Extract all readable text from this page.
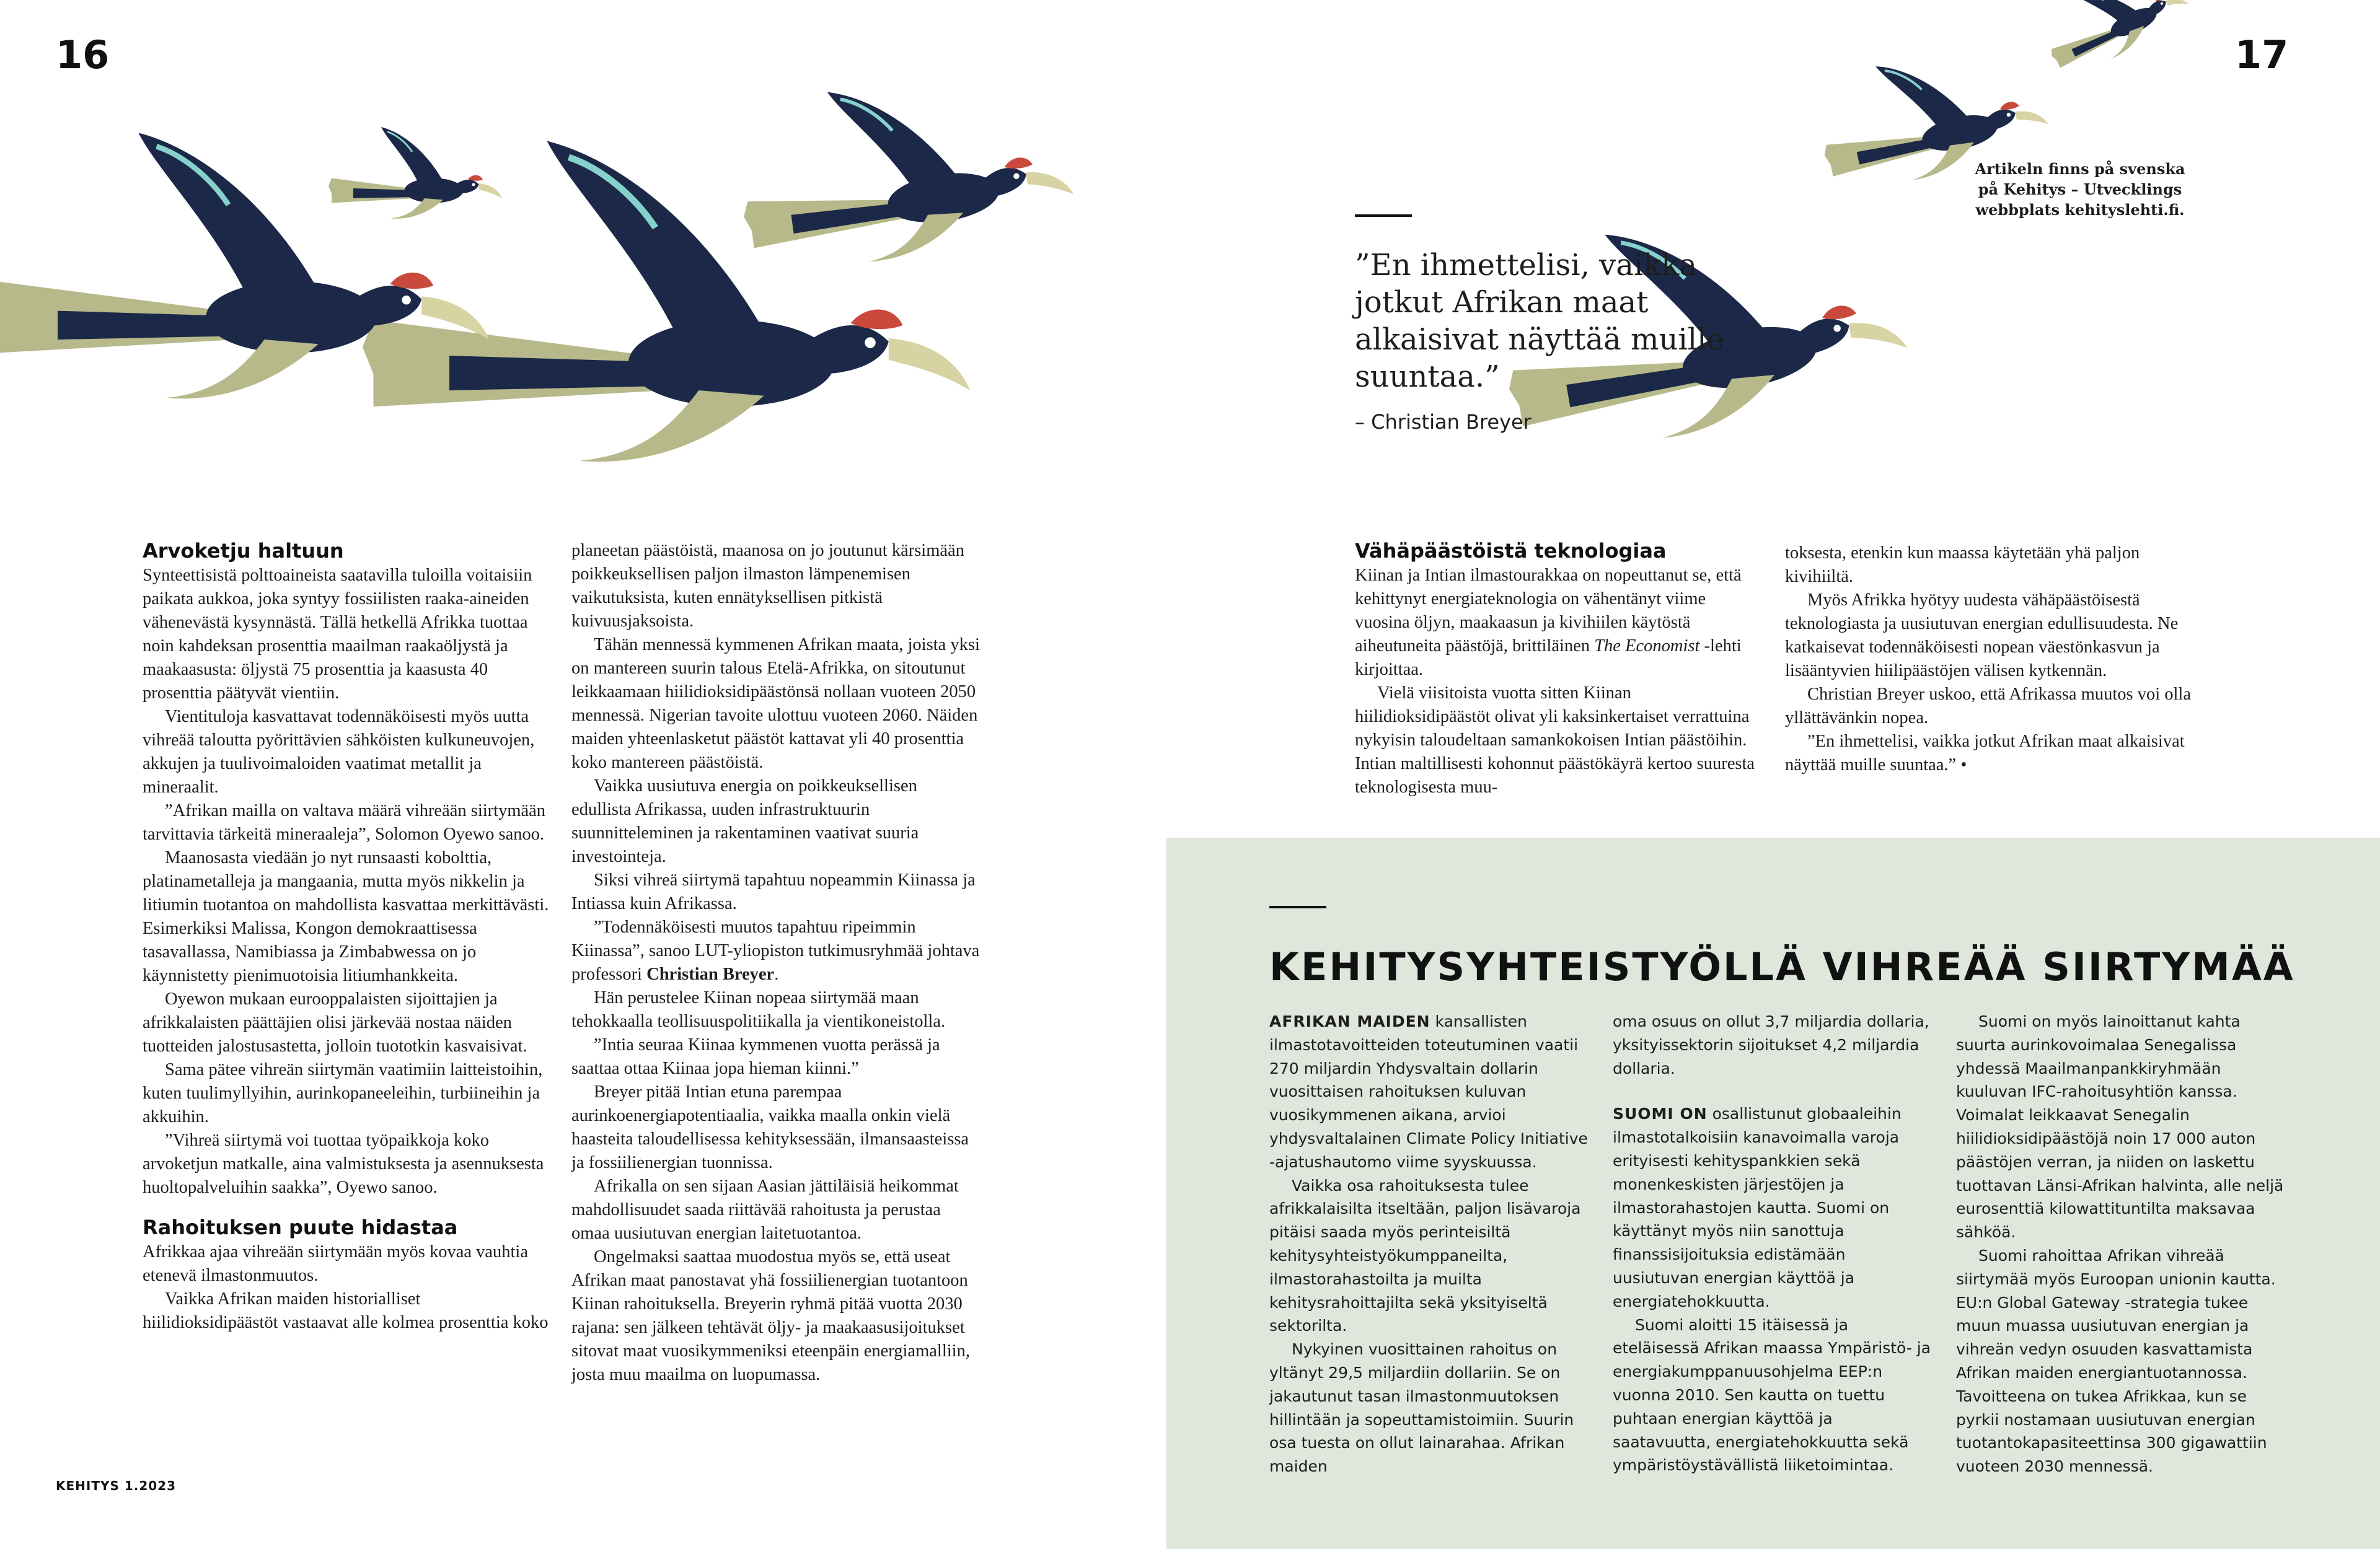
16	17
KEHITYS 1.2023
”En ihmettelisi, vaikka jotkut Afrikan maat alkaisivat näyttää muille suuntaa.”
– Christian Breyer
Artikeln finns på svenska på Kehitys – Utvecklings webbplats kehityslehti.fi.
Arvoketju haltuun

Synteettisistä polttoaineista saatavilla tuloilla voitaisiin paikata aukkoa, joka syntyy fossiilisten raaka-aineiden vähenevästä kysynnästä. Tällä hetkellä Afrikka tuottaa noin kahdeksan prosenttia maailman raakaöljystä ja maakaasusta: öljystä 75 prosenttia ja kaasusta 40 prosenttia päätyvät vientiin.

Vientituloja kasvattavat todennäköisesti myös uutta vihreää taloutta pyörittävien sähköisten kulkuneuvojen, akkujen ja tuulivoimaloiden vaatimat metallit ja mineraalit.

”Afrikan mailla on valtava määrä vihreään siirtymään tarvittavia tärkeitä mineraaleja”, Solomon Oyewo sanoo.

Maanosasta viedään jo nyt runsaasti kobolttia, platinametalleja ja mangaania, mutta myös nikkelin ja litiumin tuotantoa on mahdollista kasvattaa merkittävästi. Esimerkiksi Malissa, Kongon demokraattisessa tasavallassa, Namibiassa ja Zimbabwessa on jo käynnistetty pienimuotoisia litiumhankkeita.

Oyewon mukaan eurooppalaisten sijoittajien ja afrikkalaisten päättäjien olisi järkevää nostaa näiden tuotteiden jalostusastetta, jolloin tuototkin kasvaisivat.

Sama pätee vihreän siirtymän vaatimiin laitteistoihin, kuten tuulimyllyihin, aurinkopaneeleihin, turbiineihin ja akkuihin.

”Vihreä siirtymä voi tuottaa työpaikkoja koko arvoketjun matkalle, aina valmistuksesta ja asennuksesta huoltopalveluihin saakka”, Oyewo sanoo.

Rahoituksen puute hidastaa

Afrikkaa ajaa vihreään siirtymään myös kovaa vauhtia etenevä ilmastonmuutos.

Vaikka Afrikan maiden historialliset hiilidioksidipäästöt vastaavat alle kolmea prosenttia koko

planeetan päästöistä, maanosa on jo joutunut kärsimään poikkeuksellisen paljon ilmaston lämpenemisen vaikutuksista, kuten ennätyksellisen pitkistä kuivuusjaksoista.

Tähän mennessä kymmenen Afrikan maata, joista yksi on mantereen suurin talous Etelä-Afrikka, on sitoutunut leikkaamaan hiilidioksidipäästönsä nollaan vuoteen 2050 mennessä. Nigerian tavoite ulottuu vuoteen 2060. Näiden maiden yhteenlasketut päästöt kattavat yli 40 prosenttia koko mantereen päästöistä.

Vaikka uusiutuva energia on poikkeuksellisen edullista Afrikassa, uuden infrastruktuurin suunnitteleminen ja rakentaminen vaativat suuria investointeja.

Siksi vihreä siirtymä tapahtuu nopeammin Kiinassa ja Intiassa kuin Afrikassa.

”Todennäköisesti muutos tapahtuu ripeimmin Kiinassa”, sanoo LUT-yliopiston tutkimusryhmää johtava professori Christian Breyer.

Hän perustelee Kiinan nopeaa siirtymää maan tehokkaalla teollisuuspolitiikalla ja vientikoneistolla.

”Intia seuraa Kiinaa kymmenen vuotta perässä ja saattaa ottaa Kiinaa jopa hieman kiinni.”

Breyer pitää Intian etuna parempaa aurinkoenergiapotentiaalia, vaikka maalla onkin vielä haasteita taloudellisessa kehityksessään, ilmansaasteissa ja fossiilienergian tuonnissa.

Afrikalla on sen sijaan Aasian jättiläisiä heikommat mahdollisuudet saada riittävää rahoitusta ja perustaa omaa uusiutuvan energian laitetuotantoa.

Ongelmaksi saattaa muodostua myös se, että useat Afrikan maat panostavat yhä fossiilienergian tuotantoon Kiinan rahoituksella. Breyerin ryhmä pitää vuotta 2030 rajana: sen jälkeen tehtävät öljy- ja maakaasusijoitukset sitovat maat vuosikymmeniksi eteenpäin energiamalliin, josta muu maailma on luopumassa.

Vähäpäästöistä teknologiaa

Kiinan ja Intian ilmastourakkaa on nopeuttanut se, että kehittynyt energiateknologia on vähentänyt viime vuosina öljyn, maakaasun ja kivihiilen käytöstä aiheutuneita päästöjä, brittiläinen The Economist -lehti kirjoittaa.

Vielä viisitoista vuotta sitten Kiinan hiilidioksidipäästöt olivat yli kaksinkertaiset verrattuina nykyisin taloudeltaan samankokoisen Intian päästöihin. Intian maltillisesti kohonnut päästökäyrä kertoo suuresta teknologisesta muu-

toksesta, etenkin kun maassa käytetään yhä paljon kivihiiltä.

Myös Afrikka hyötyy uudesta vähäpäästöisestä teknologiasta ja uusiutuvan energian edullisuudesta. Ne katkaisevat todennäköisesti nopean väestönkasvun ja lisääntyvien hiilipäästöjen välisen kytkennän.

Christian Breyer uskoo, että Afrikassa muutos voi olla yllättävänkin nopea.

”En ihmettelisi, vaikka jotkut Afrikan maat alkaisivat näyttää muille suuntaa.” •

KEHITYSYHTEISTYÖLLÄ VIHREÄÄ SIIRTYMÄÄ

AFRIKAN MAIDEN kansallisten ilmastotavoitteiden toteutuminen vaatii 270 miljardin Yhdysvaltain dollarin vuosittaisen rahoituksen kuluvan vuosikymmenen aikana, arvioi yhdysvaltalainen Climate Policy Initiative -ajatushautomo viime syyskuussa.

Vaikka osa rahoituksesta tulee afrikkalaisilta itseltään, paljon lisävaroja pitäisi saada myös perinteisiltä kehitysyhteistyökumppaneilta, ilmastorahastoilta ja muilta kehitysrahoittajilta sekä yksityiseltä sektorilta.

Nykyinen vuosittainen rahoitus on yltänyt 29,5 miljardiin dollariin. Se on jakautunut tasan ilmastonmuutoksen hillintään ja sopeuttamistoimiin. Suurin osa tuesta on ollut lainarahaa. Afrikan maiden

oma osuus on ollut 3,7 miljardia dollaria, yksityissektorin sijoitukset 4,2 miljardia dollaria.

SUOMI ON osallistunut globaaleihin ilmastotalkoisiin kanavoimalla varoja erityisesti kehityspankkien sekä monenkeskisten järjestöjen ja ilmastorahastojen kautta. Suomi on käyttänyt myös niin sanottuja finanssisijoituksia edistämään uusiutuvan energian käyttöä ja energiatehokkuutta.

Suomi aloitti 15 itäisessä ja eteläisessä Afrikan maassa Ympäristö- ja energiakumppanuusohjelma EEP:n vuonna 2010. Sen kautta on tuettu puhtaan energian käyttöä ja saatavuutta, energiatehokkuutta sekä ympäristöystävällistä liiketoimintaa.

Suomi on myös lainoittanut kahta suurta aurinkovoimalaa Senegalissa yhdessä Maailmanpankkiryhmään kuuluvan IFC-rahoitusyhtiön kanssa. Voimalat leikkaavat Senegalin hiilidioksidipäästöjä noin 17 000 auton päästöjen verran, ja niiden on laskettu tuottavan Länsi-Afrikan halvinta, alle neljä eurosenttiä kilowattituntilta maksavaa sähköä.

Suomi rahoittaa Afrikan vihreää siirtymää myös Euroopan unionin kautta. EU:n Global Gateway -strategia tukee muun muassa uusiutuvan energian ja vihreän vedyn osuuden kasvattamista Afrikan maiden energiantuotannossa. Tavoitteena on tukea Afrikkaa, kun se pyrkii nostamaan uusiutuvan energian tuotantokapasiteettinsa 300 gigawattiin vuoteen 2030 mennessä.
